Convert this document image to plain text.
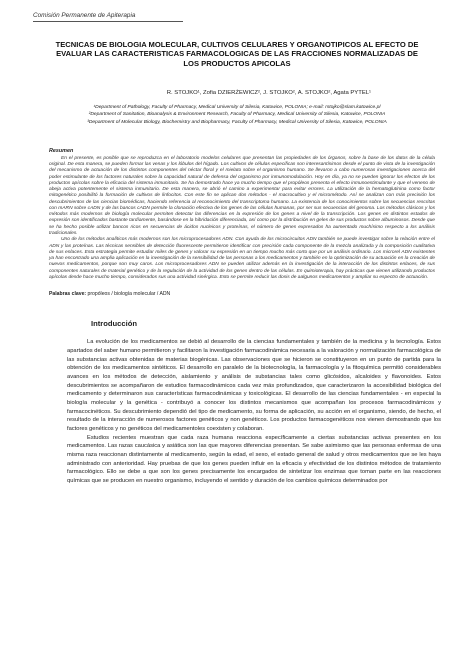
Comisión Permanente de Apiterapia
TECNICAS DE BIOLOGIA MOLECULAR, CULTIVOS CELULARES Y ORGANOTIPICOS AL EFECTO DE
EVALUAR LAS CARACTERISTICAS FARMACOLOGICAS DE LAS FRACCIONES NORMALIZADAS DE
LOS PRODUCTOS APICOLAS
R. STOJKO¹, Zofia DZIERŻEWICZ², J. STOJKO², A. STOJKO², Agata PYTEL¹
¹Department of Pathology, Faculty of Pharmacy, Medical University of Silesia, Katowice, POLONIA; e-mail: rstojko@slam.katowice.pl
²Department of Sanitation, Bioanalysis & Environment Research, Faculty of Pharmacy, Medical University of Silesia, Katowice, POLONIA
³Department of Molecular Biology, Biochemistry and Biopharmacy, Faculty of Pharmacy, Medical University of Silesia, Katowice, POLONIA
Resumen

En el presente, es posible que se reproduzca en el laboratorio modelos celulares que presentan las propiedades de los órganos, sobre la base de los datos de la célula original. De esta manera, se pueden formar las venas y los lóbulos del hígado. Los cultivos de células especificas son interesantísimos desde el punto de vista de la investigación del mecanismo de actuación de los distintos componentes del néctar floral y el mielato sobre el organismo humano. Se llevaron a cabo numerosas investigaciones acerca del poder estimulante de los factores naturales sobre la capacidad natural de defensa del organismo por inmunomodulación. Hoy en día, ya no se pueden ignorar los efectos de los productos apícolas sobre la eficacia del sistema inmunitario. Se ha demostrado hace ya mucho tiempo que el propóleos presenta el efecto inmunoestimulante y que el veneno de abeja activa potentemente el sistema inmunitario. De esta manera, se abrió el camino a experimentar para evitar errores. La utilización de la hematoglutinina como factor mitogenético posibilitó la formación de cultivos de linfocitos. Con este fin se aplican dos métodos - el macrocultivo y el micrométodo. Así se analizan con más precisión los descubrimientos de las ciencias biomédicas, haciendo referencia al reconocimiento del transcriptoma humano. La existencia de los conocimientos sobre las secuencias rescritas con mARN sobre cADN y de las bancos cADN permite la clonación efectiva de los genes de las células humanas, por ser sus secuencias del genoma. Los métodos clásicos y los métodos más modernos de biología molecular permiten detectar las diferencias en la expresión de los genes a nivel de la transcripción. Los genes en distintos estados de expresión son identificados bastante tardíamente, basándose en la hibridación diferenciada, así como por la distribución en geles de sus productos sobre albuminosos. Desde que se ha hecho posible utilizar bancos ricos en secuencias de ácidos nucleicos y proteínas, el número de genes expresados ha aumentado muchísimo respecto a los análisis tradicionales.

Uno de los métodos analíticos más modernos son los microprocesadores ADN. Con ayuda de los microcircuitos ADN también se puede investigar sobre la relación entre el ADN y las proteínas. Las técnicas sensibles de detección fluorescente permitieron identificar con precisión cada componente de la mezcla analizada y la composición cualitativa de sus enlaces. Esta estrategia permite estudiar miles de genes y valorar su expresión en un tiempo mucho más corto que por un análisis ordinario. Los microrel ADN existentes ya han encontrado una amplia aplicación en la investigación de la sensibilidad de las personas a los medicamentos y también en la optimización de su actuación en la creación de nuevos medicamentos, porque son muy caros. Los microprocesadores ADN se pueden utilizar además en la investigación de la interacción de los distintos enlaces, de sus componentes naturales de material genético y de la regulación de la actividad de los genes dentro de las células. En quimioterapia, hay prácticas que vienen utilizando productos apícolas desde hace mucho tiempo, considerados sus una actividad sinérgica. Esto se permite reducir las dosis de aalgunos medicamentos y ampliar su espectro de actuación.

Palabras clave: propóleos / biología molecular / ADN
Introducción

La evolución de los medicamentos se debió al desarrollo de la ciencias fundamentales y también de la medicina y la tecnología. Estos apartados del saber humano permitieron y facilitaron la investigación farmacodinámica necesaria a la valoración y normalización farmacológica de las substancias activas obtenidas de materias biogénicas. Las observaciones que se hicieron se constituyeron en un punto de partida para la obtención de los medicamentos sintéticos. El desarrollo en paralelo de la biotecnología, la farmacología y la fitoquímica permitió considerables avances en los métodos de detección, aislamiento y análisis de substancias tales como glicósidos, alcaloides y flavonoides. Estos descubrimientos se acompañaron de estudios farmacodinámicos cada vez más profundizados, que caracterizaron la accesibilidad biológica del medicamento y determinaron sus características farmacodinámicas y toxicológicas. El desarrollo de las ciencias fundamentales - en especial la biología molecular y la genética - contribuyó a conocer los distintos mecanismos que acompañan los procesos farmacodinámicos y farmacocinéticos. Su descubrimiento dependió del tipo de medicamento, su forma de aplicación, su acción en el organismo, siendo, de hecho, el resultado de la interacción de numerosos factores genéticos y non genéticos. Los productos farmacogenéticos nos vienen demostrando que los factores genéticos y no genéticos del medicamentoles coexisten y colaboran.

Estudios recientes muestran que cada raza humana reacciona específicamente a ciertas substancias activas presentes en los medicamentos. Las razas caucásica y asiática son las que mayores diferencias presentan. Se sabe asimismo que las personas enfermas de una misma raza reaccionan distintamente al medicamento, según la edad, el sexo, el estado general de salud y otros medicamentos que se les haya administrado con anterioridad. Hay pruebas de que los genes pueden influir en la eficacia y efectividad de los distintos métodos de tratamiento farmacológico. Ello se debe a que son los genes precisamente los encargados de sintetizar los enzimas que toman parte en las reacciones químicas que se producen en nuestro organismo, incluyendo el sentido y duración de los cambios químicos determinados por
